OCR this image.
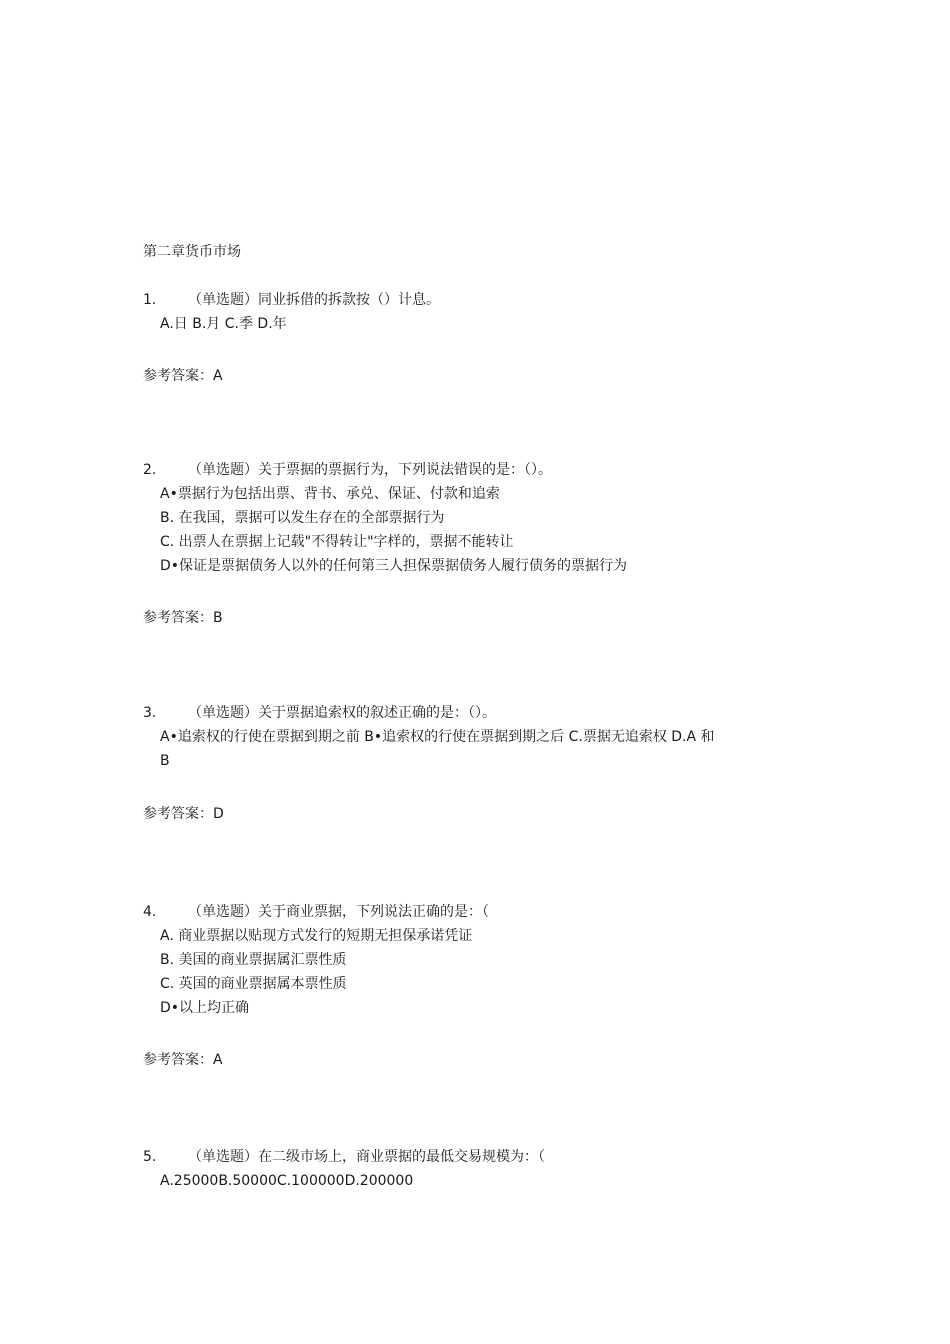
第二章货币市场
1. （单选题）同业拆借的拆款按（）计息。
A.日 B.月 C.季 D.年
参考答案：A
2. （单选题）关于票据的票据行为，下列说法错误的是：（）。
A•票据行为包括出票、背书、承兑、保证、付款和追索
B. 在我国，票据可以发生存在的全部票据行为
C. 出票人在票据上记载"不得转让"字样的，票据不能转让
D•保证是票据债务人以外的任何第三人担保票据债务人履行债务的票据行为
参考答案：B
3. （单选题）关于票据追索权的叙述正确的是：（）。
A•追索权的行使在票据到期之前 B•追索权的行使在票据到期之后 C.票据无追索权 D.A 和 B
参考答案：D
4. （单选题）关于商业票据，下列说法正确的是：（
A. 商业票据以贴现方式发行的短期无担保承诺凭证
B. 美国的商业票据属汇票性质
C. 英国的商业票据属本票性质
D•以上均正确
参考答案：A
5. （单选题）在二级市场上，商业票据的最低交易规模为：（
A.25000B.50000C.100000D.200000
